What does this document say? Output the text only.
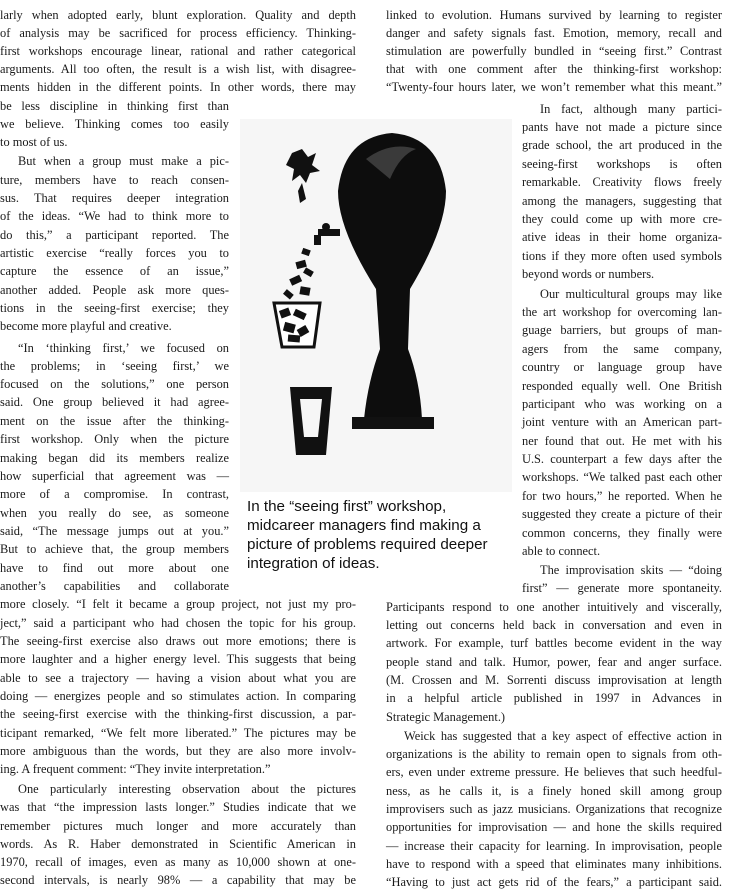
larly when adopted early, blunt exploration. Quality and depth

of analysis may be sacrificed for process efficiency. Thinking-

first workshops encourage linear, rational and rather categorical

arguments. All too often, the result is a wish list, with disagree-

ments hidden in the different points. In other words, there may

be less discipline in thinking first than

we believe. Thinking comes too easily

to most of us.

But when a group must make a pic-

ture, members have to reach consen-

sus. That requires deeper integration

of the ideas. “We had to think more to

do this,” a participant reported. The

artistic exercise “really forces you to

capture the essence of an issue,”

another added. People ask more ques-

tions in the seeing-first exercise; they

become more playful and creative.

“In ‘thinking first,’ we focused on

the problems; in ‘seeing first,’ we

focused on the solutions,” one person

said. One group believed it had agree-

ment on the issue after the thinking-

first workshop. Only when the picture

making began did its members realize

how superficial that agreement was —

more of a compromise. In contrast,

when you really do see, as someone

said, “The message jumps out at you.”

But to achieve that, the group members

have to find out more about one

another’s capabilities and collaborate

more closely. “I felt it became a group project, not just my pro-

ject,” said a participant who had chosen the topic for his group.

The seeing-first exercise also draws out more emotions; there is

more laughter and a higher energy level. This suggests that being

able to see a trajectory — having a vision about what you are

doing — energizes people and so stimulates action. In comparing

the seeing-first exercise with the thinking-first discussion, a par-

ticipant remarked, “We felt more liberated.” The pictures may be

more ambiguous than the words, but they are also more involv-

ing. A frequent comment: “They invite interpretation.”

One particularly interesting observation about the pictures

was that “the impression lasts longer.” Studies indicate that we

remember pictures much longer and more accurately than

words. As R. Haber demonstrated in Scientific American in

1970, recall of images, even as many as 10,000 shown at one-

second intervals, is nearly 98% — a capability that may be

linked to evolution. Humans survived by learning to register

danger and safety signals fast. Emotion, memory, recall and

stimulation are powerfully bundled in “seeing first.” Contrast

that with one comment after the thinking-first workshop:

“Twenty-four hours later, we won’t remember what this meant.”

In fact, although many partici-

pants have not made a picture since

grade school, the art produced in the

seeing-first workshops is often

remarkable. Creativity flows freely

among the managers, suggesting that

they could come up with more cre-

ative ideas in their home organiza-

tions if they more often used symbols

beyond words or numbers.

Our multicultural groups may like

the art workshop for overcoming lan-

guage barriers, but groups of man-

agers from the same company,

country or language group have

responded equally well. One British

participant who was working on a

joint venture with an American part-

ner found that out. He met with his

U.S. counterpart a few days after the

workshops. “We talked past each other

for two hours,” he reported. When he

suggested they create a picture of their

common concerns, they finally were

able to connect.

The improvisation skits — “doing

first” — generate more spontaneity.

Participants respond to one another intuitively and viscerally,

letting out concerns held back in conversation and even in

artwork. For example, turf battles become evident in the way

people stand and talk. Humor, power, fear and anger surface.

(M. Crossen and M. Sorrenti discuss improvisation at length

in a helpful article published in 1997 in Advances in

Strategic Management.)

Weick has suggested that a key aspect of effective action in

organizations is the ability to remain open to signals from oth-

ers, even under extreme pressure. He believes that such heedful-

ness, as he calls it, is a finely honed skill among group

improvisers such as jazz musicians. Organizations that recognize

opportunities for improvisation — and hone the skills required

— increase their capacity for learning. In improvisation, people

have to respond with a speed that eliminates many inhibitions.

“Having to just act gets rid of the fears,” a participant said.

In the “seeing first” workshop,
midcareer managers find making a
picture of problems required deeper
integration of ideas.
